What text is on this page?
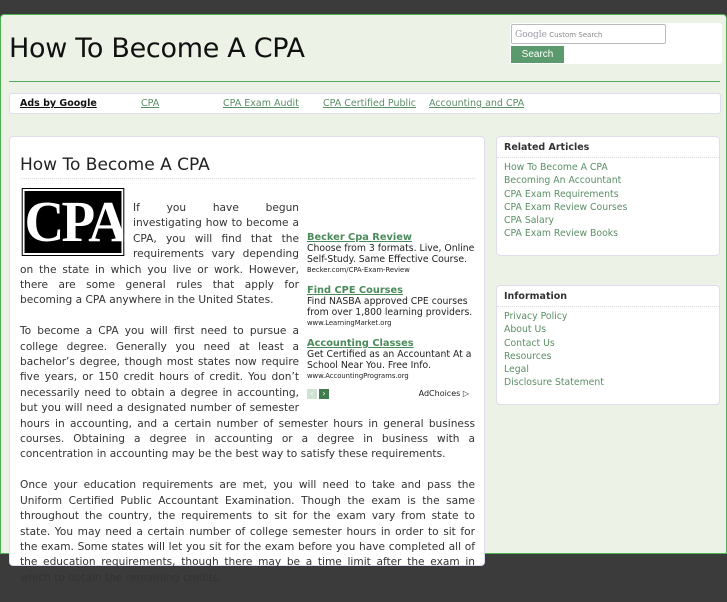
How To Become A CPA	Google Custom Search
Search
Ads by Google	CPA	CPA Exam Audit	CPA Certified Public Accounting and CPA
How To Become A CPA
CPA	Becker Cpa Review
Choose from 3 formats. Live, Online Self-Study. Same Effective Course.
Becker.com/CPA-Exam-Review
Find CPE Courses
Find NASBA approved CPE courses from over 1,800 learning providers.
www.LearningMarket.org
Accounting Classes
Get Certified as an Accountant At a School Near You. Free Info.
www.AccountingPrograms.org
‹ ›	AdChoices ▷

If you have begun investigating how to become a CPA, you will find that the requirements vary depending on the state in which you live or work. However, there are some general rules that apply for becoming a CPA anywhere in the United States.

To become a CPA you will first need to pursue a college degree. Generally you need at least a bachelor’s degree, though most states now require five years, or 150 credit hours of credit. You don’t necessarily need to obtain a degree in accounting, but you will need a designated number of semester hours in accounting, and a certain number of semester hours in general business courses. Obtaining a degree in accounting or a degree in business with a concentration in accounting may be the best way to satisfy these requirements.

Once your education requirements are met, you will need to take and pass the Uniform Certified Public Accountant Examination. Though the exam is the same throughout the country, the requirements to sit for the exam vary from state to state. You may need a certain number of college semester hours in order to sit for the exam. Some states will let you sit for the exam before you have completed all of the education requirements, though there may be a time limit after the exam in which to obtain the remaining credits.

Related Articles
How To Become A CPA
Becoming An Accountant
CPA Exam Requirements
CPA Exam Review Courses
CPA Salary
CPA Exam Review Books
Information
Privacy Policy
About Us
Contact Us
Resources
Legal
Disclosure Statement
